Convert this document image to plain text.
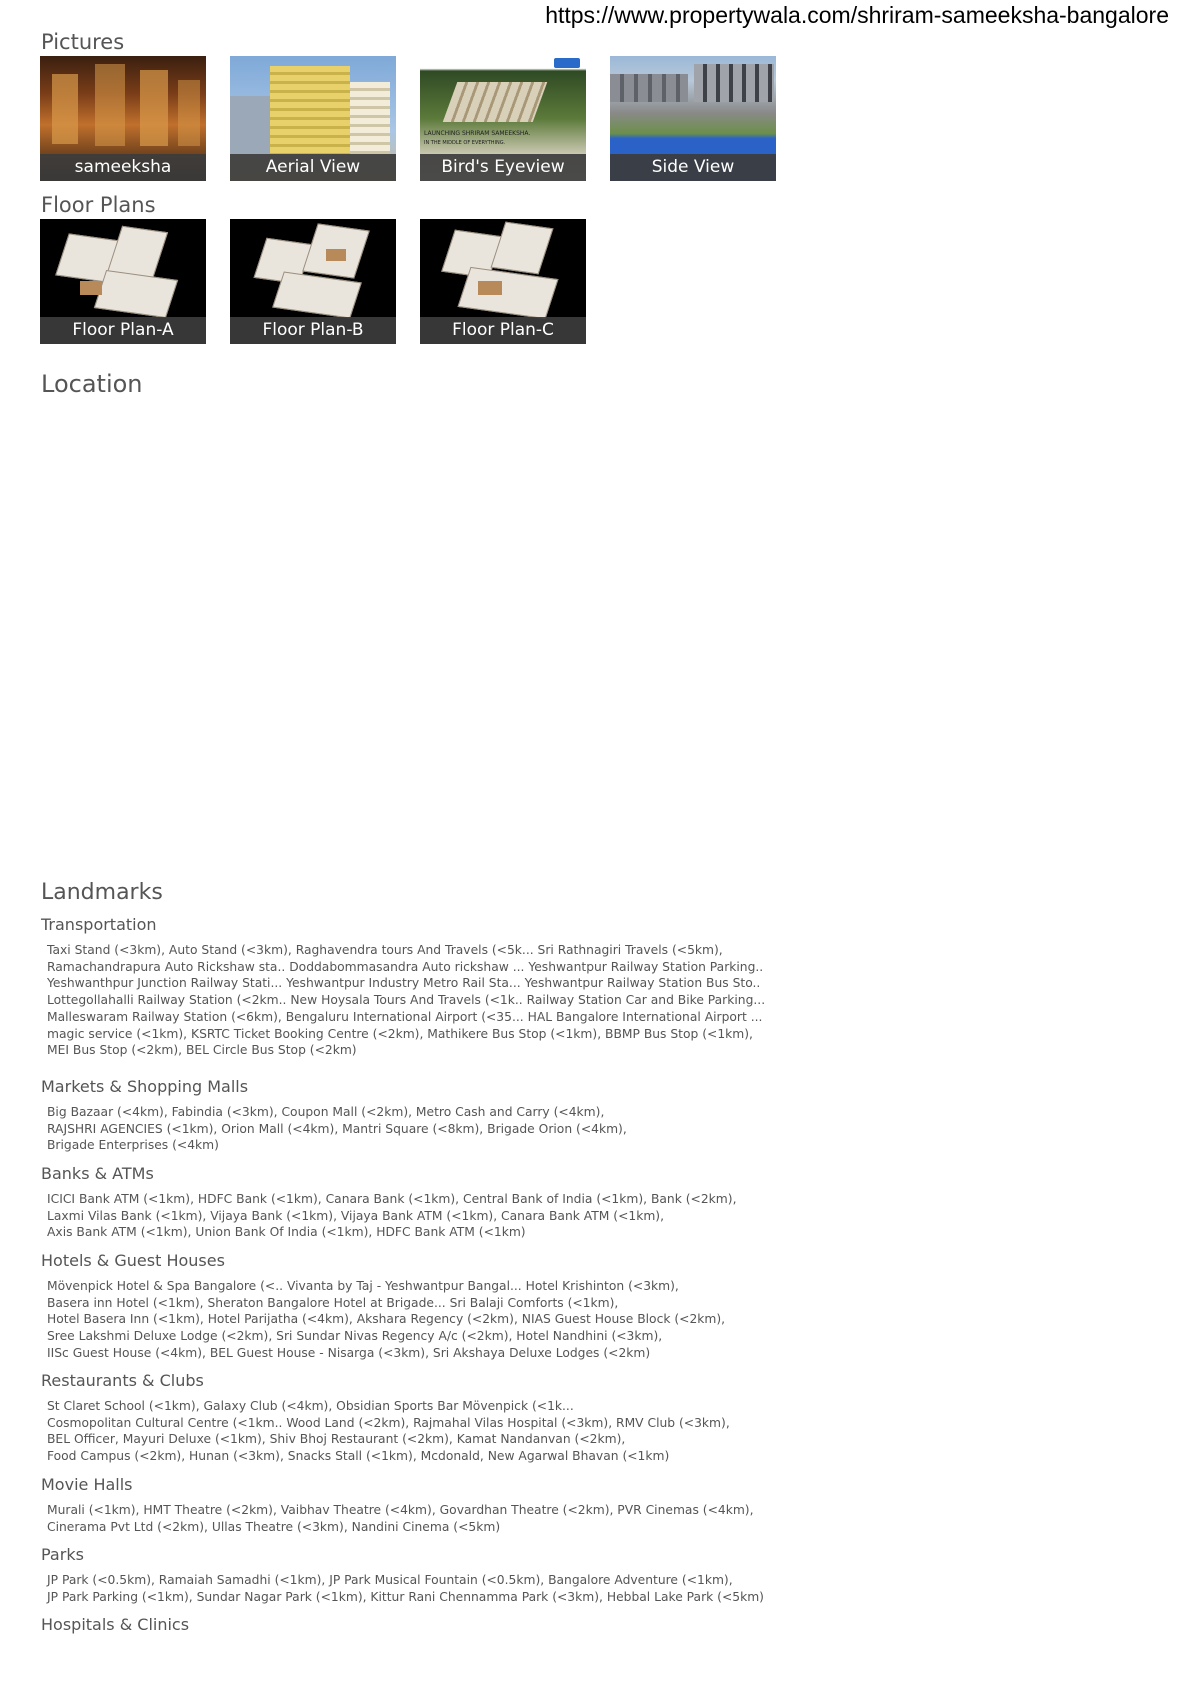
https://www.propertywala.com/shriram-sameeksha-bangalore
Pictures
sameeksha	Aerial View
LAUNCHING SHRIRAM SAMEEKSHA.
IN THE MIDDLE OF EVERYTHING.
Bird's Eyeview	Side View
Floor Plans
Floor Plan-A	Floor Plan-B	Floor Plan-C
Location
Landmarks
Transportation

Taxi Stand (<3km), Auto Stand (<3km), Raghavendra tours And Travels (<5k... Sri Rathnagiri Travels (<5km),
Ramachandrapura Auto Rickshaw sta.. Doddabommasandra Auto rickshaw ... Yeshwantpur Railway Station Parking..
Yeshwanthpur Junction Railway Stati... Yeshwantpur Industry Metro Rail Sta... Yeshwantpur Railway Station Bus Sto..
Lottegollahalli Railway Station (<2km.. New Hoysala Tours And Travels (<1k.. Railway Station Car and Bike Parking...
Malleswaram Railway Station (<6km), Bengaluru International Airport (<35... HAL Bangalore International Airport ...
magic service (<1km), KSRTC Ticket Booking Centre (<2km), Mathikere Bus Stop (<1km), BBMP Bus Stop (<1km),
MEI Bus Stop (<2km), BEL Circle Bus Stop (<2km)

Markets & Shopping Malls

Big Bazaar (<4km), Fabindia (<3km), Coupon Mall (<2km), Metro Cash and Carry (<4km),
RAJSHRI AGENCIES (<1km), Orion Mall (<4km), Mantri Square (<8km), Brigade Orion (<4km),
Brigade Enterprises (<4km)

Banks & ATMs

ICICI Bank ATM (<1km), HDFC Bank (<1km), Canara Bank (<1km), Central Bank of India (<1km), Bank (<2km),
Laxmi Vilas Bank (<1km), Vijaya Bank (<1km), Vijaya Bank ATM (<1km), Canara Bank ATM (<1km),
Axis Bank ATM (<1km), Union Bank Of India (<1km), HDFC Bank ATM (<1km)

Hotels & Guest Houses

Mövenpick Hotel & Spa Bangalore (<.. Vivanta by Taj - Yeshwantpur Bangal... Hotel Krishinton (<3km),
Basera inn Hotel (<1km), Sheraton Bangalore Hotel at Brigade... Sri Balaji Comforts (<1km),
Hotel Basera Inn (<1km), Hotel Parijatha (<4km), Akshara Regency (<2km), NIAS Guest House Block (<2km),
Sree Lakshmi Deluxe Lodge (<2km), Sri Sundar Nivas Regency A/c (<2km), Hotel Nandhini (<3km),
IISc Guest House (<4km), BEL Guest House - Nisarga (<3km), Sri Akshaya Deluxe Lodges (<2km)

Restaurants & Clubs

St Claret School (<1km), Galaxy Club (<4km), Obsidian Sports Bar Mövenpick (<1k...
Cosmopolitan Cultural Centre (<1km.. Wood Land (<2km), Rajmahal Vilas Hospital (<3km), RMV Club (<3km),
BEL Officer, Mayuri Deluxe (<1km), Shiv Bhoj Restaurant (<2km), Kamat Nandanvan (<2km),
Food Campus (<2km), Hunan (<3km), Snacks Stall (<1km), Mcdonald, New Agarwal Bhavan (<1km)

Movie Halls

Murali (<1km), HMT Theatre (<2km), Vaibhav Theatre (<4km), Govardhan Theatre (<2km), PVR Cinemas (<4km),
Cinerama Pvt Ltd (<2km), Ullas Theatre (<3km), Nandini Cinema (<5km)

Parks

JP Park (<0.5km), Ramaiah Samadhi (<1km), JP Park Musical Fountain (<0.5km), Bangalore Adventure (<1km),
JP Park Parking (<1km), Sundar Nagar Park (<1km), Kittur Rani Chennamma Park (<3km), Hebbal Lake Park (<5km)

Hospitals & Clinics
